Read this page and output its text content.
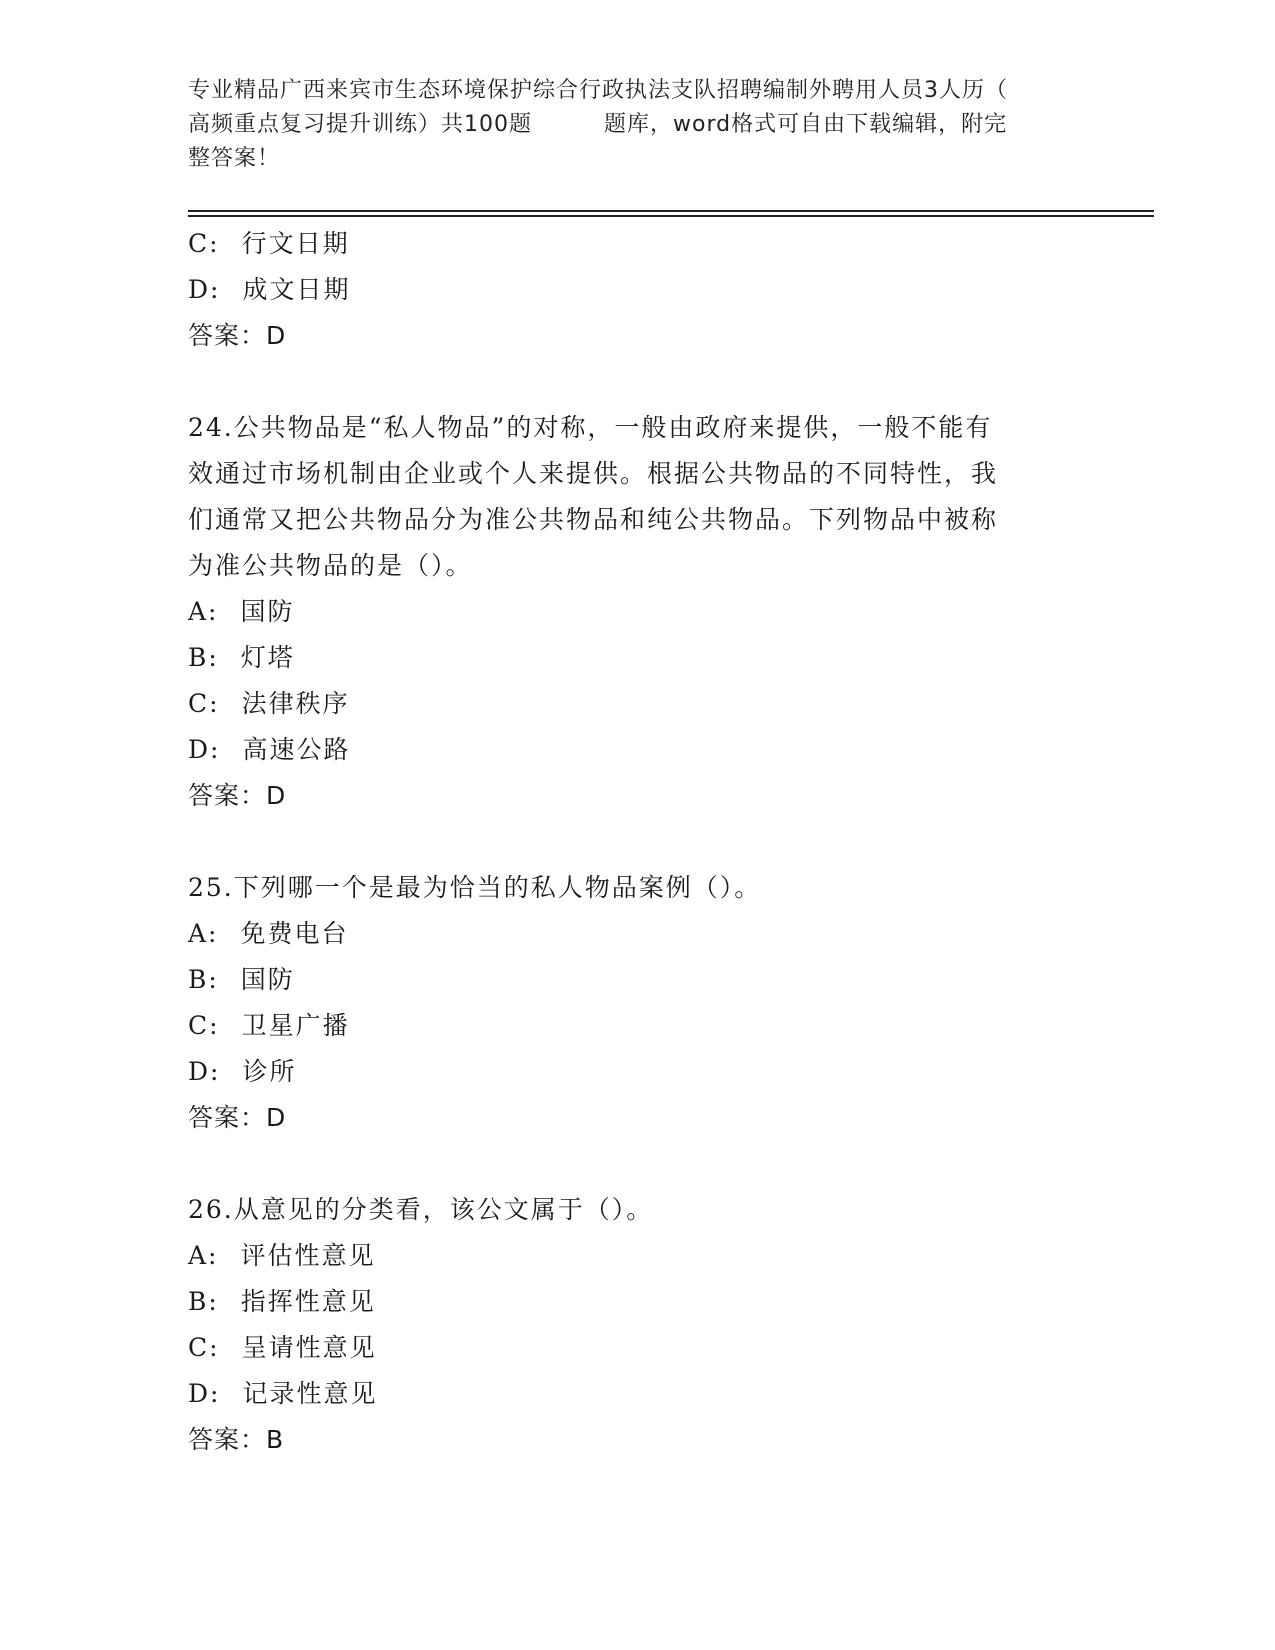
专业精品广西来宾市生态环境保护综合行政执法支队招聘编制外聘用人员3人历（
高频重点复习提升训练）共100题	题库，word格式可自由下载编辑，附完
整答案！
C: 行文日期
D: 成文日期
答案：D
24.公共物品是“私人物品”的对称，一般由政府来提供，一般不能有
效通过市场机制由企业或个人来提供。根据公共物品的不同特性，我
们通常又把公共物品分为准公共物品和纯公共物品。下列物品中被称
为准公共物品的是（）。
A: 国防
B: 灯塔
C: 法律秩序
D: 高速公路
答案：D
25.下列哪一个是最为恰当的私人物品案例（）。
A: 免费电台
B: 国防
C: 卫星广播
D: 诊所
答案：D
26.从意见的分类看，该公文属于（）。
A: 评估性意见
B: 指挥性意见
C: 呈请性意见
D: 记录性意见
答案：B
